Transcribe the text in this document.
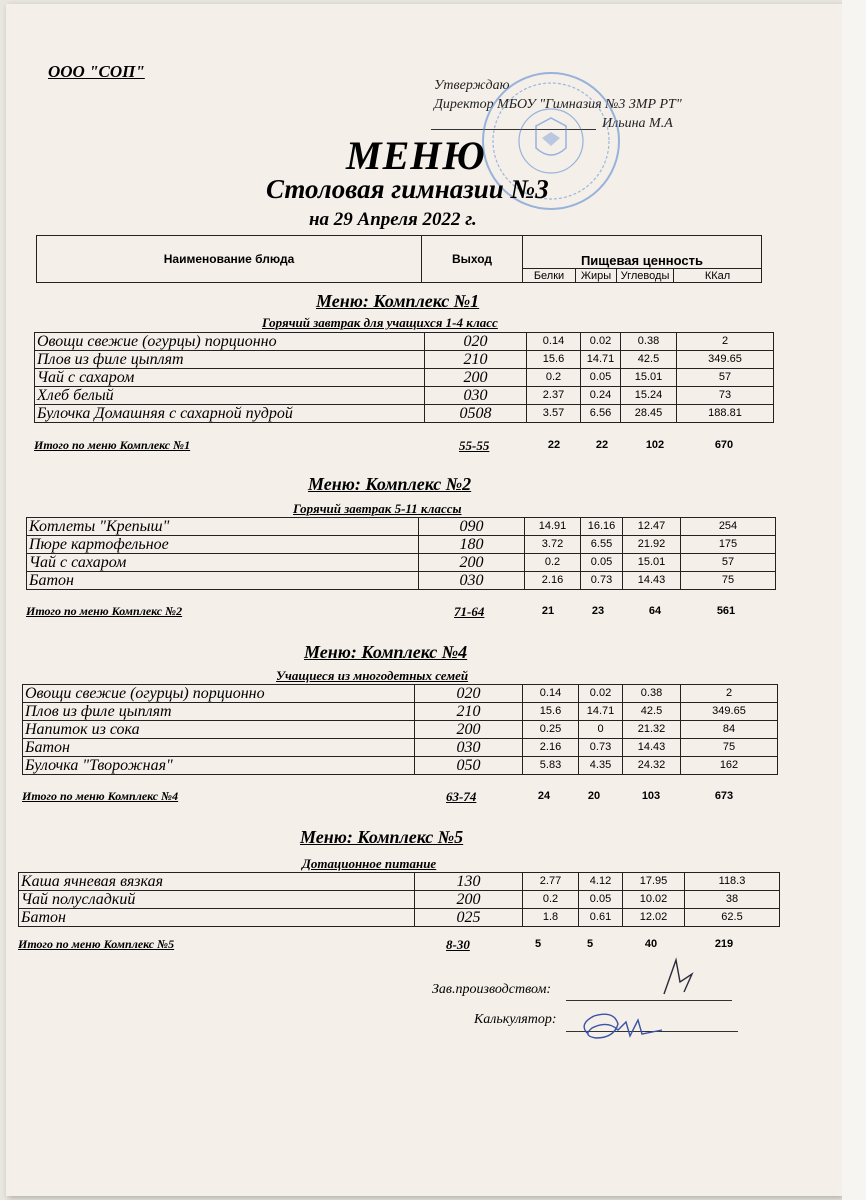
ООО "СОП"
Утверждаю
Директор МБОУ "Гимназия №3 ЗМР РТ"
Ильина М.А
МЕНЮ
Столовая гимназии №3
на 29 Апреля 2022 г.
Наименование блюда	Выход	Пищевая ценность			
		Белки	Жиры	Углеводы	ККал
Меню: Комплекс №1
Горячий завтрак для учащихся 1-4 класс
Овощи свежие (огурцы) порционно	020	0.14	0.02	0.38	2
Плов из филе цыплят	210	15.6	14.71	42.5	349.65
Чай с сахаром	200	0.2	0.05	15.01	57
Хлеб белый	030	2.37	0.24	15.24	73
Булочка Домашняя с сахарной пудрой	0508	3.57	6.56	28.45	188.81
Итого по меню Комплекс №1	55-55	22	22	102	670
Меню: Комплекс №2
Горячий завтрак 5-11 классы
Котлеты "Крепыш"	090	14.91	16.16	12.47	254
Пюре картофельное	180	3.72	6.55	21.92	175
Чай с сахаром	200	0.2	0.05	15.01	57
Батон	030	2.16	0.73	14.43	75
Итого по меню Комплекс №2	71-64	21	23	64	561
Меню: Комплекс №4
Учащиеся из многодетных семей
Овощи свежие (огурцы) порционно	020	0.14	0.02	0.38	2
Плов из филе цыплят	210	15.6	14.71	42.5	349.65
Напиток из сока	200	0.25	0	21.32	84
Батон	030	2.16	0.73	14.43	75
Булочка "Творожная"	050	5.83	4.35	24.32	162
Итого по меню Комплекс №4	63-74	24	20	103	673
Меню: Комплекс №5
Дотационное питание
Каша ячневая вязкая	130	2.77	4.12	17.95	118.3
Чай полусладкий	200	0.2	0.05	10.02	38
Батон	025	1.8	0.61	12.02	62.5
Итого по меню Комплекс №5	8-30	5	5	40	219
Зав.производством:
Калькулятор:
